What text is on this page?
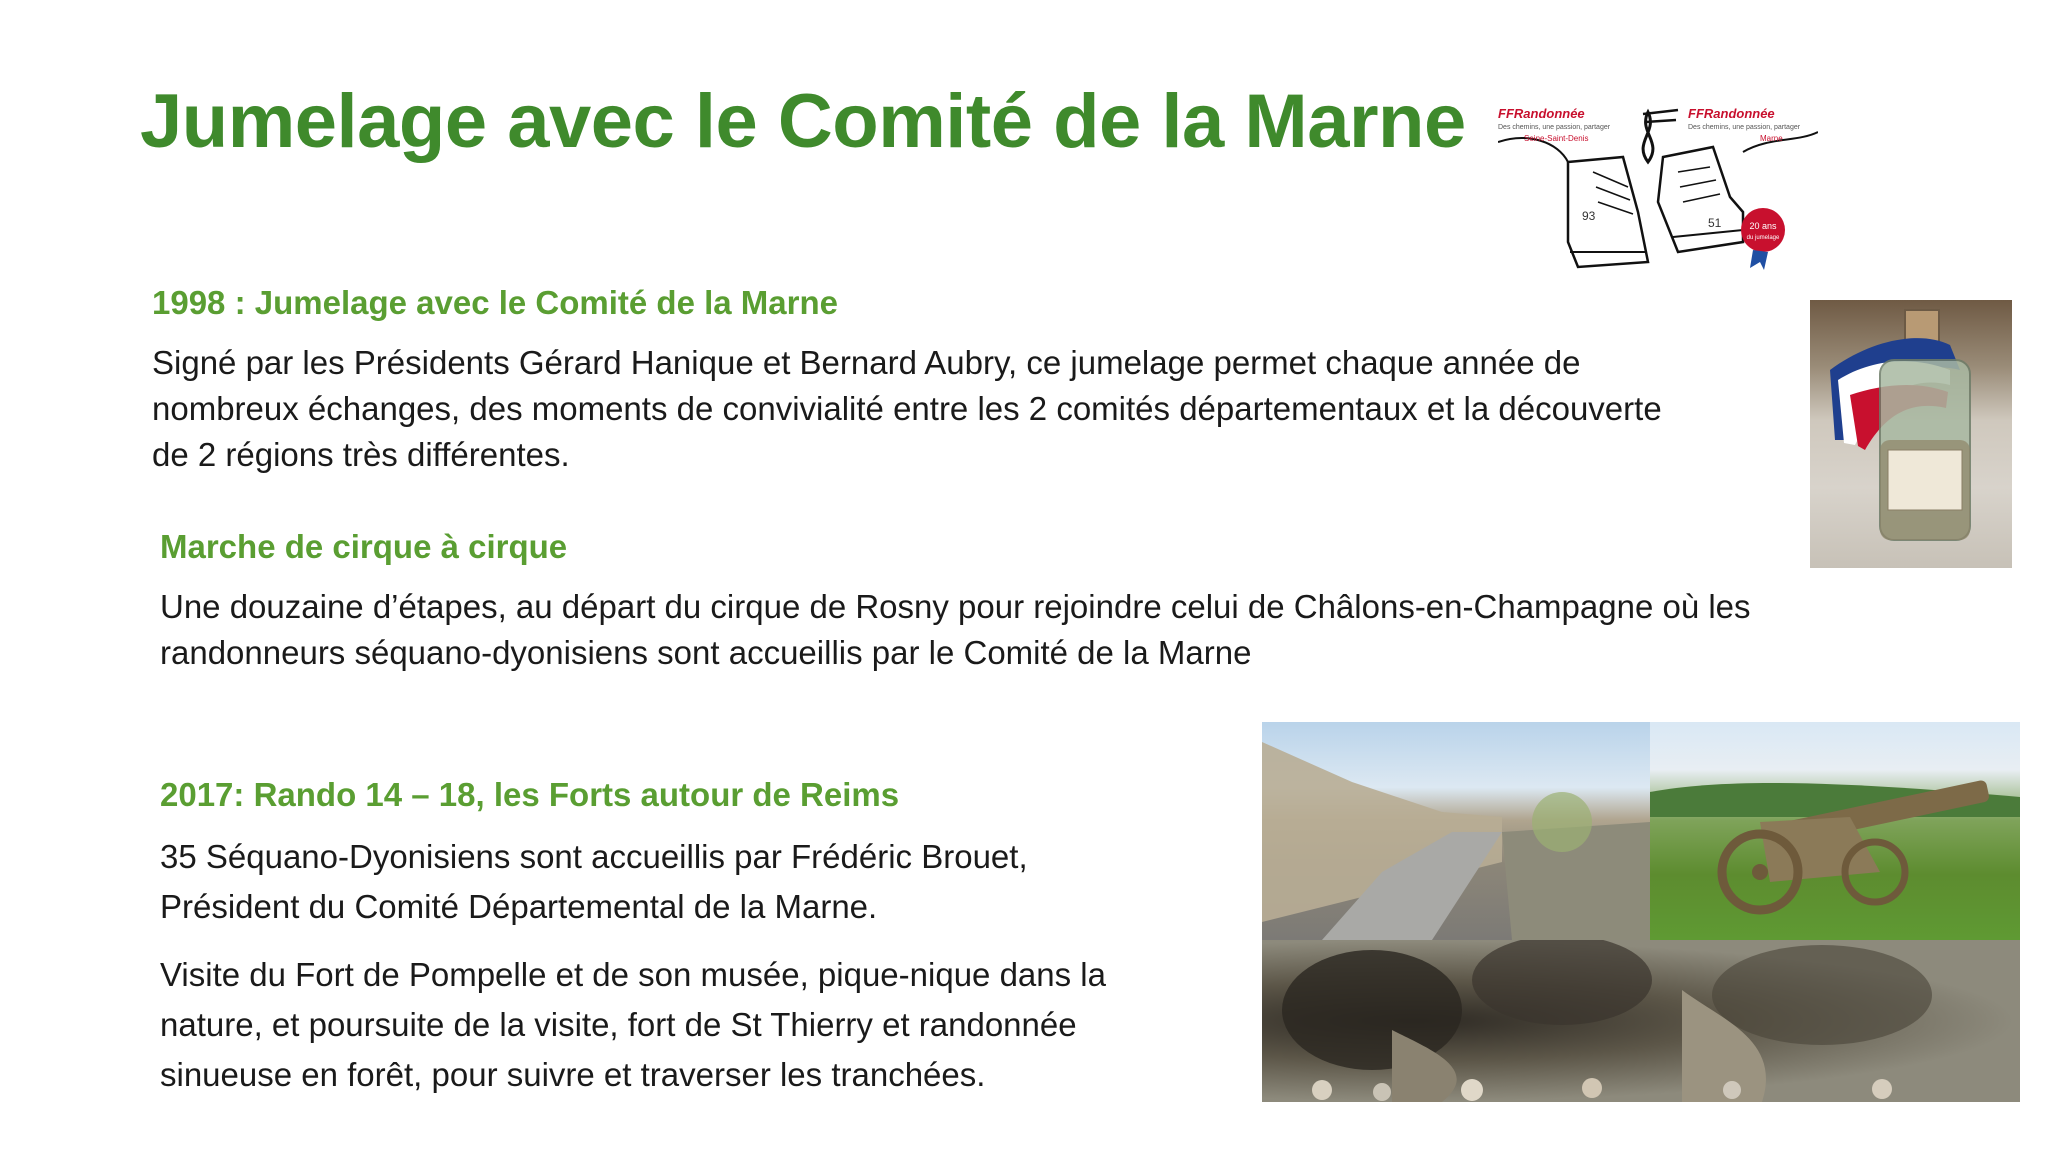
Jumelage avec le Comité de la Marne
20 ans
du jumelage
93	51
FFRandonnée
Des chemins, une passion, partager
Seine-Saint-Denis
FFRandonnée
Des chemins, une passion, partager
Marne
1998 : Jumelage avec le Comité de la Marne
Signé par les Présidents Gérard Hanique et Bernard Aubry, ce jumelage permet chaque année de
nombreux échanges, des moments de convivialité entre les 2 comités départementaux et la découverte
de 2 régions très différentes.
Marche de cirque à cirque
Une douzaine d’étapes, au départ du cirque de Rosny pour rejoindre celui de Châlons-en-Champagne où les
randonneurs séquano-dyonisiens sont accueillis par le Comité de la Marne
2017: Rando 14 – 18, les Forts autour de Reims
35 Séquano-Dyonisiens sont accueillis par Frédéric Brouet,
Président du Comité Départemental de la Marne.
Visite du Fort de Pompelle et de son musée, pique-nique dans la
nature, et poursuite de la visite, fort de St Thierry et randonnée
sinueuse en forêt, pour suivre et traverser les tranchées.
